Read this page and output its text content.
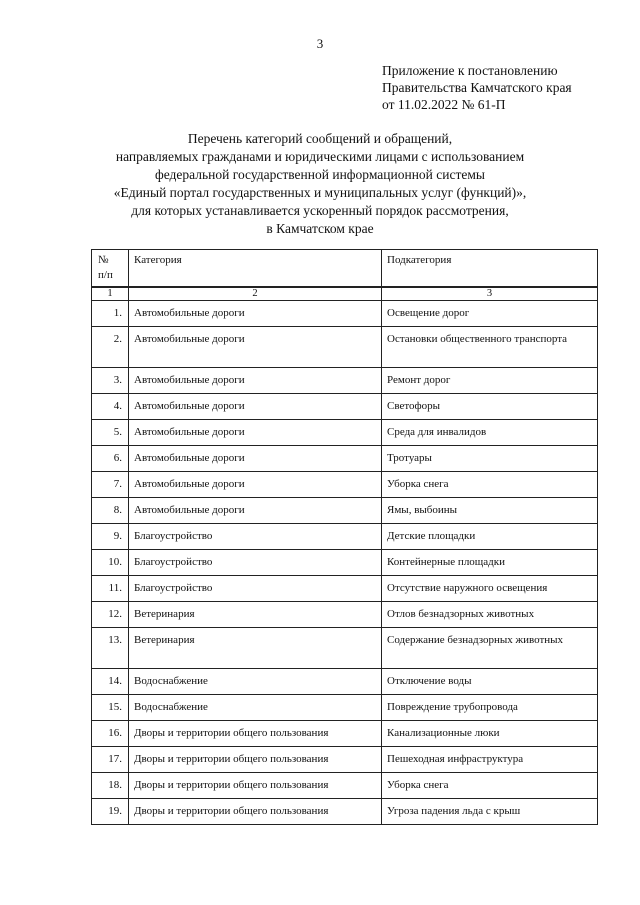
3
Приложение к постановлению
Правительства Камчатского края
от 11.02.2022 № 61-П
Перечень категорий сообщений и обращений,
направляемых гражданами и юридическими лицами с использованием
федеральной государственной информационной системы
«Единый портал государственных и муниципальных услуг (функций)»,
для которых устанавливается ускоренный порядок рассмотрения,
в Камчатском крае
№
п/п	Категория	Подкатегория
1	2	3
1.	Автомобильные дороги	Освещение дорог
2.	Автомобильные дороги	Остановки общественного транспорта
3.	Автомобильные дороги	Ремонт дорог
4.	Автомобильные дороги	Светофоры
5.	Автомобильные дороги	Среда для инвалидов
6.	Автомобильные дороги	Тротуары
7.	Автомобильные дороги	Уборка снега
8.	Автомобильные дороги	Ямы, выбоины
9.	Благоустройство	Детские площадки
10.	Благоустройство	Контейнерные площадки
11.	Благоустройство	Отсутствие наружного освещения
12.	Ветеринария	Отлов безнадзорных животных
13.	Ветеринария	Содержание безнадзорных животных
14.	Водоснабжение	Отключение воды
15.	Водоснабжение	Повреждение трубопровода
16.	Дворы и территории общего пользования	Канализационные люки
17.	Дворы и территории общего пользования	Пешеходная инфраструктура
18.	Дворы и территории общего пользования	Уборка снега
19.	Дворы и территории общего пользования	Угроза падения льда с крыш
